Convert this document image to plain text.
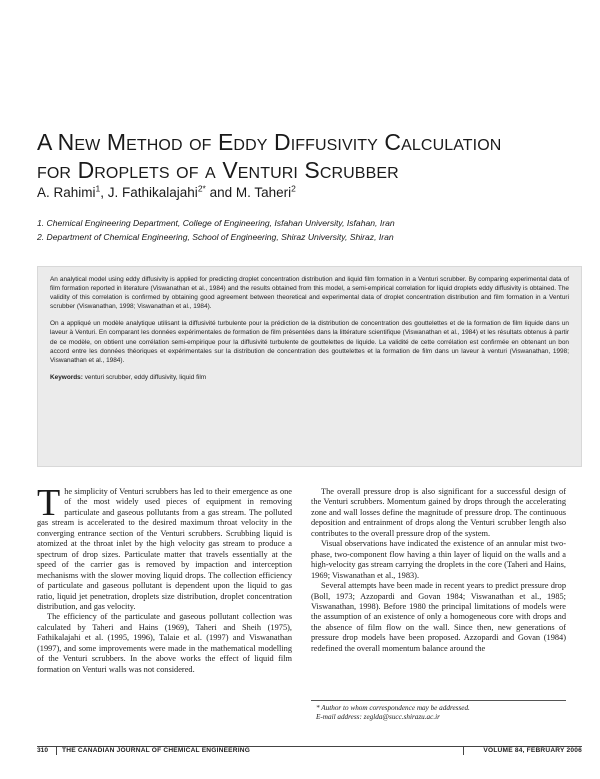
A New Method of Eddy Diffusivity Calculation
for Droplets of a Venturi Scrubber
A. Rahimi$^1$, J. Fathikalajahi$^{2*}$ and M. Taheri$^2$
1. Chemical Engineering Department, College of Engineering, Isfahan University, Isfahan, Iran
2. Department of Chemical Engineering, School of Engineering, Shiraz University, Shiraz, Iran

An analytical model using eddy diffusivity is applied for predicting droplet concentration distribution and liquid film formation in a Venturi scrubber. By comparing experimental data of film formation reported in literature (Viswanathan et al., 1984) and the results obtained from this model, a semi-empirical correlation for liquid droplets eddy diffusivity is obtained. The validity of this correlation is confirmed by obtaining good agreement between theoretical and experimental data of droplet concentration distribution and film formation in a Venturi scrubber (Viswanathan, 1998; Viswanathan et al., 1984).

On a appliqué un modèle analytique utilisant la diffusivité turbulente pour la prédiction de la distribution de concentration des gouttelettes et de la formation de film liquide dans un laveur à Venturi. En comparant les données expérimentales de formation de film présentées dans la littérature scientifique (Viswanathan et al., 1984) et les résultats obtenus à partir de ce modèle, on obtient une corrélation semi-empirique pour la diffusivité turbulente de gouttelettes de liquide. La validité de cette corrélation est confirmée en obtenant un bon accord entre les données théoriques et expérimentales sur la distribution de concentration des gouttelettes et la formation de film dans un laveur à venturi (Viswanathan, 1998; Viswanathan et al., 1984).

Keywords: venturi scrubber, eddy diffusivity, liquid film

The simplicity of Venturi scrubbers has led to their emergence as one of the most widely used pieces of equipment in removing particulate and gaseous pollutants from a gas stream. The polluted gas stream is accelerated to the desired maximum throat velocity in the converging entrance section of the Venturi scrubbers. Scrubbing liquid is atomized at the throat inlet by the high velocity gas stream to produce a spectrum of drop sizes. Particulate matter that travels essentially at the speed of the carrier gas is removed by impaction and interception mechanisms with the slower moving liquid drops. The collection efficiency of particulate and gaseous pollutant is dependent upon the liquid to gas ratio, liquid jet penetration, droplets size distribution, droplet concentration distribution, and gas velocity.

The efficiency of the particulate and gaseous pollutant collection was calculated by Taheri and Hains (1969), Taheri and Sheih (1975), Fathikalajahi et al. (1995, 1996), Talaie et al. (1997) and Viswanathan (1997), and some improvements were made in the mathematical modelling of the Venturi scrubbers. In the above works the effect of liquid film formation on Venturi walls was not considered.

The overall pressure drop is also significant for a successful design of the Venturi scrubbers. Momentum gained by drops through the accelerating zone and wall losses define the magnitude of pressure drop. The continuous deposition and entrainment of drops along the Venturi scrubber length also contributes to the overall pressure drop of the system.

Visual observations have indicated the existence of an annular mist two-phase, two-component flow having a thin layer of liquid on the walls and a high-velocity gas stream carrying the droplets in the core (Taheri and Hains, 1969; Viswanathan et al., 1983).

Several attempts have been made in recent years to predict pressure drop (Boll, 1973; Azzopardi and Govan 1984; Viswanathan et al., 1985; Viswanathan, 1998). Before 1980 the principal limitations of models were the assumption of an existence of only a homogeneous core with drops and the absence of film flow on the wall. Since then, new generations of pressure drop models have been proposed. Azzopardi and Govan (1984) redefined the overall momentum balance around the

* Author to whom correspondence may be addressed.
E-mail address: zeglda@succ.shirazu.ac.ir
310 THE CANADIAN JOURNAL OF CHEMICAL ENGINEERING	VOLUME 84, FEBRUARY 2006
